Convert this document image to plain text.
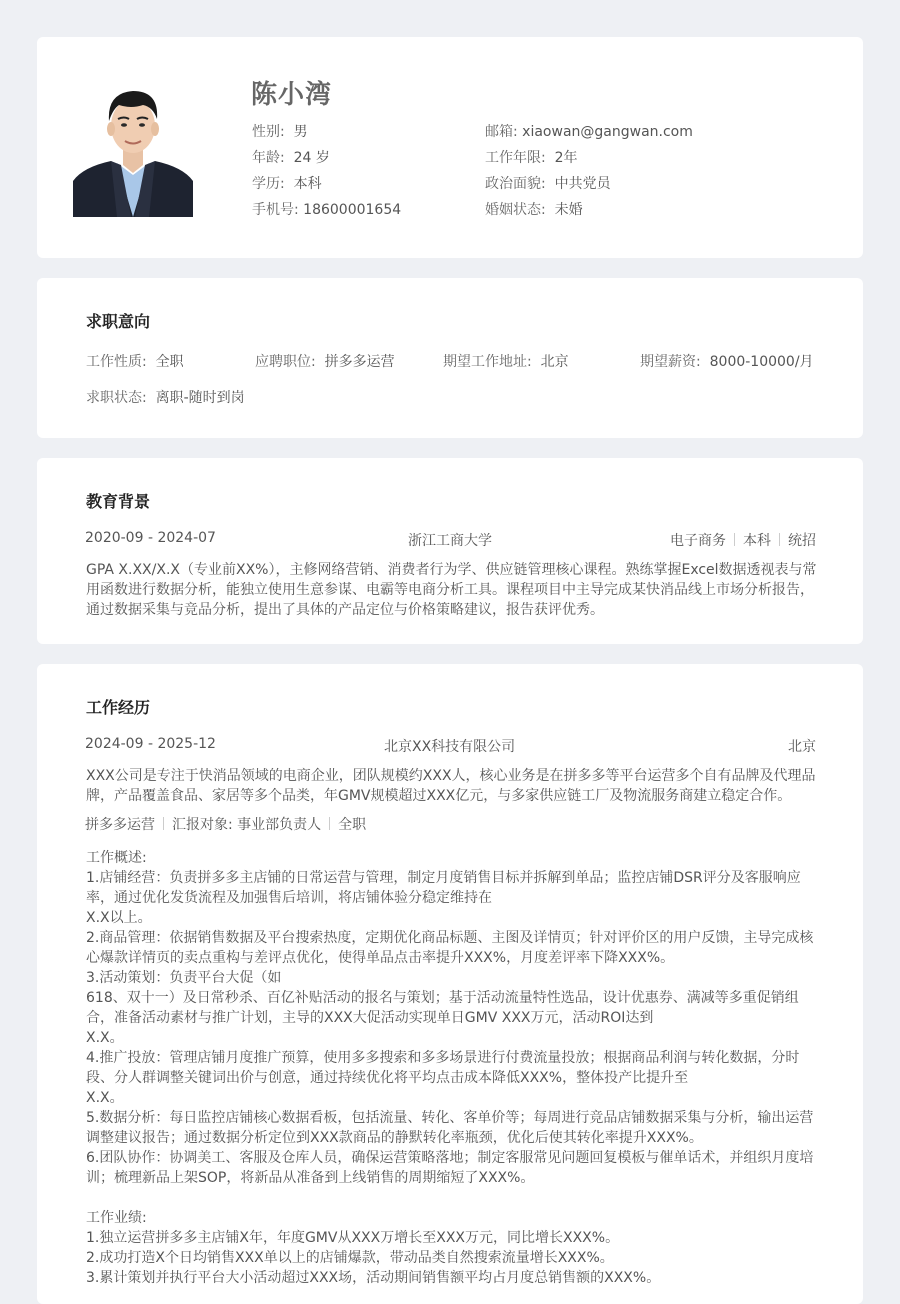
陈小湾
性别: 男
年龄: 24 岁
学历: 本科
手机号: 18600001654
邮箱: xiaowan@gangwan.com
工作年限: 2年
政治面貌: 中共党员
婚姻状态: 未婚
求职意向
工作性质: 全职	应聘职位: 拼多多运营	期望工作地址: 北京	期望薪资: 8000-10000/月
求职状态: 离职-随时到岗
教育背景
2020-09 - 2024-07	浙江工商大学	电子商务 本科 统招
GPA X.XX/X.X（专业前XX%），主修网络营销、消费者行为学、供应链管理核心课程。熟练掌握Excel数据透视表与常用函数进行数据分析，能独立使用生意参谋、电霸等电商分析工具。课程项目中主导完成某快消品线上市场分析报告，通过数据采集与竞品分析，提出了具体的产品定位与价格策略建议，报告获评优秀。
工作经历
2024-09 - 2025-12	北京XX科技有限公司	北京
XXX公司是专注于快消品领域的电商企业，团队规模约XXX人，核心业务是在拼多多等平台运营多个自有品牌及代理品牌，产品覆盖食品、家居等多个品类，年GMV规模超过XXX亿元，与多家供应链工厂及物流服务商建立稳定合作。
拼多多运营 汇报对象: 事业部负责人 全职
工作概述:
1.店铺经营：负责拼多多主店铺的日常运营与管理，制定月度销售目标并拆解到单品；监控店铺DSR评分及客服响应
率，通过优化发货流程及加强售后培训，将店铺体验分稳定维持在
X.X以上。
2.商品管理：依据销售数据及平台搜索热度，定期优化商品标题、主图及详情页；针对评价区的用户反馈，主导完成核
心爆款详情页的卖点重构与差评点优化，使得单品点击率提升XXX%，月度差评率下降XXX%。
3.活动策划：负责平台大促（如
618、双十一）及日常秒杀、百亿补贴活动的报名与策划；基于活动流量特性选品，设计优惠券、满减等多重促销组
合，准备活动素材与推广计划，主导的XXX大促活动实现单日GMV XXX万元，活动ROI达到
X.X。
4.推广投放：管理店铺月度推广预算，使用多多搜索和多多场景进行付费流量投放；根据商品利润与转化数据，分时
段、分人群调整关键词出价与创意，通过持续优化将平均点击成本降低XXX%，整体投产比提升至
X.X。
5.数据分析：每日监控店铺核心数据看板，包括流量、转化、客单价等；每周进行竞品店铺数据采集与分析，输出运营
调整建议报告；通过数据分析定位到XXX款商品的静默转化率瓶颈，优化后使其转化率提升XXX%。
6.团队协作：协调美工、客服及仓库人员，确保运营策略落地；制定客服常见问题回复模板与催单话术，并组织月度培
训；梳理新品上架SOP，将新品从准备到上线销售的周期缩短了XXX%。
工作业绩:
1.独立运营拼多多主店铺X年，年度GMV从XXX万增长至XXX万元，同比增长XXX%。
2.成功打造X个日均销售XXX单以上的店铺爆款，带动品类自然搜索流量增长XXX%。
3.累计策划并执行平台大小活动超过XXX场，活动期间销售额平均占月度总销售额的XXX%。
